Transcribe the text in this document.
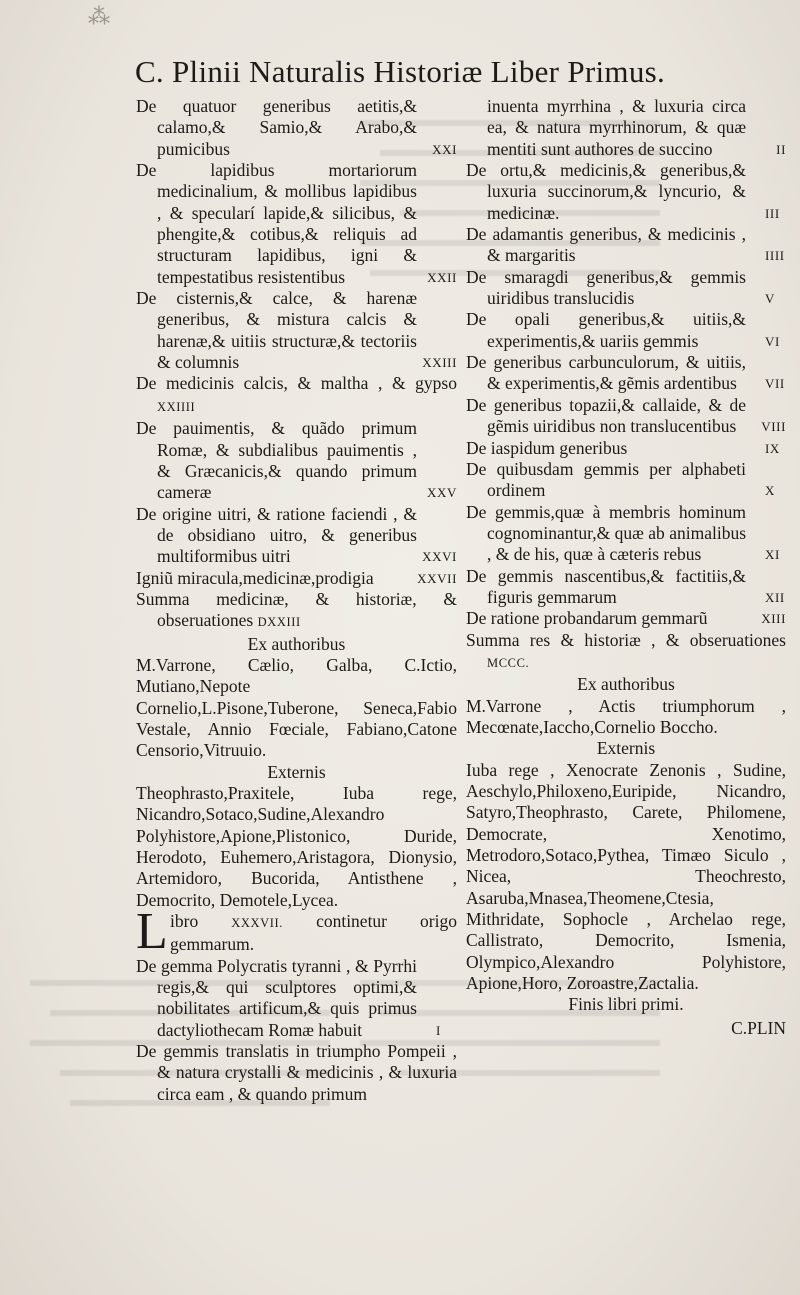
⁂
C. Plinii Naturalis Historiæ Liber Primus.
De quatuor generibus aetitis,& calamo,& Samio,& Arabo,& pumicibus	XXI
De lapidibus mortariorum medicinalium, & mollibus lapidibus , & specularí lapide,& silicibus, & phengite,& cotibus,& reliquis ad structuram lapidibus, igni & tempestatibus resistentibus	XXII
De cisternis,& calce, & harenæ generibus, & mistura calcis & harenæ,& uitiis structuræ,& tectoriis & columnis	XXIII
De medicinis calcis, & maltha , & gypso XXIIII
De pauimentis, & quãdo primum Romæ, & subdialibus pauimentis , & Græcanicis,& quando primum cameræ	XXV
De origine uitri, & ratione faciendi , & de obsidiano uitro, & generibus multiformibus uitri	XXVI
Igniũ miracula,medicinæ,prodigia	XXVII
Summa medicinæ, & historiæ, & obseruationes DXXIII
Ex authoribus
M.Varrone, Cælio, Galba, C.Ictio, Mutiano,Nepote Cornelio,L.Pisone,Tuberone, Seneca,Fabio Vestale, Annio Fœciale, Fabiano,Catone Censorio,Vitruuio.
Externis
Theophrasto,Praxitele, Iuba rege, Nicandro,Sotaco,Sudine,Alexandro Polyhistore,Apione,Plistonico, Duride, Herodoto, Euhemero,Aristagora, Dionysio, Artemidoro, Bucorida, Antisthene , Democrito, Demotele,Lycea.
L ibro	XXXVII. continetur origo gemmarum.
De gemma Polycratis tyranni , & Pyrrhi regis,& qui sculptores optimi,& nobilitates artificum,& quis primus dactyliothecam Romæ habuit	I
De gemmis translatis in triumpho Pompeii , & natura crystalli & medicinis , & luxuria circa eam , & quando primum
inuenta myrrhina , & luxuria circa ea, & natura myrrhinorum, & quæ mentiti sunt authores de succino	II
De ortu,& medicinis,& generibus,& luxuria succinorum,& lyncurio, & medicinæ.	III
De adamantis generibus, & medicinis , & margaritis	IIII
De smaragdi generibus,& gemmis uiridibus translucidis	V
De opali generibus,& uitiis,& experimentis,& uariis gemmis	VI
De generibus carbunculorum, & uitiis, & experimentis,& gẽmis ardentibus VII
De generibus topazii,& callaide, & de gẽmis uiridibus non translucentibus VIII
De iaspidum generibus	IX
De quibusdam gemmis per alphabeti ordinem	X
De gemmis,quæ à membris hominum cognominantur,& quæ ab animalibus , & de his, quæ à cæteris rebus	XI
De gemmis nascentibus,& factitiis,& figuris gemmarum	XII
De ratione probandarum gemmarũ	XIII
Summa res & historiæ , & obseruationes MCCC.
Ex authoribus
M.Varrone , Actis triumphorum , Mecœnate,Iaccho,Cornelio Boccho.
Externis
Iuba rege , Xenocrate Zenonis , Sudine, Aeschylo,Philoxeno,Euripide, Nicandro, Satyro,Theophrasto, Carete, Philomene, Democrate, Xenotimo, Metrodoro,Sotaco,Pythea, Timæo Siculo , Nicea, Theochresto, Asaruba,Mnasea,Theomene,Ctesia, Mithridate, Sophocle , Archelao rege, Callistrato, Democrito, Ismenia, Olympico,Alexandro Polyhistore, Apione,Horo, Zoroastre,Zactalia.
Finis libri primi.
C.PLIN
